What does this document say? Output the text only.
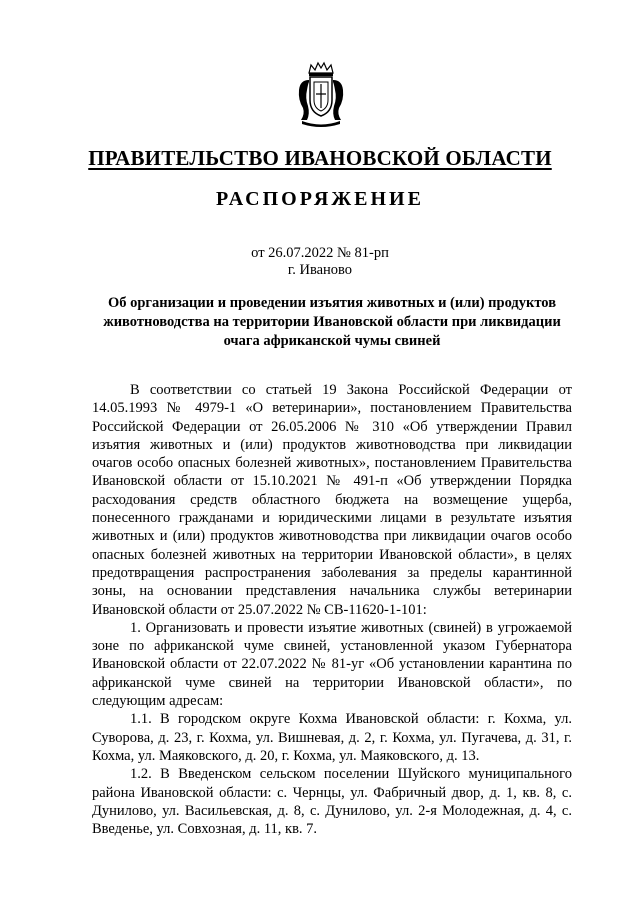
ПРАВИТЕЛЬСТВО ИВАНОВСКОЙ ОБЛАСТИ
РАСПОРЯЖЕНИЕ
от 26.07.2022 № 81-рп
г. Иваново
Об организации и проведении изъятия животных и (или) продуктов животноводства на территории Ивановской области при ликвидации очага африканской чумы свиней

В соответствии со статьей 19 Закона Российской Федерации от 14.05.1993 № 4979-1 «О ветеринарии», постановлением Правительства Российской Федерации от 26.05.2006 № 310 «Об утверждении Правил изъятия животных и (или) продуктов животноводства при ликвидации очагов особо опасных болезней животных», постановлением Правительства Ивановской области от 15.10.2021 № 491-п «Об утверждении Порядка расходования средств областного бюджета на возмещение ущерба, понесенного гражданами и юридическими лицами в результате изъятия животных и (или) продуктов животноводства при ликвидации очагов особо опасных болезней животных на территории Ивановской области», в целях предотвращения распространения заболевания за пределы карантинной зоны, на основании представления начальника службы ветеринарии Ивановской области от 25.07.2022 № СВ-11620-1-101:

1. Организовать и провести изъятие животных (свиней) в угрожаемой зоне по африканской чуме свиней, установленной указом Губернатора Ивановской области от 22.07.2022 № 81-уг «Об установлении карантина по африканской чуме свиней на территории Ивановской области», по следующим адресам:

1.1. В городском округе Кохма Ивановской области: г. Кохма, ул. Суворова, д. 23, г. Кохма, ул. Вишневая, д. 2, г. Кохма, ул. Пугачева, д. 31, г. Кохма, ул. Маяковского, д. 20, г. Кохма, ул. Маяковского, д. 13.

1.2. В Введенском сельском поселении Шуйского муниципального района Ивановской области: с. Чернцы, ул. Фабричный двор, д. 1, кв. 8, с. Дунилово, ул. Васильевская, д. 8, с. Дунилово, ул. 2-я Молодежная, д. 4, с. Введенье, ул. Совхозная, д. 11, кв. 7.
